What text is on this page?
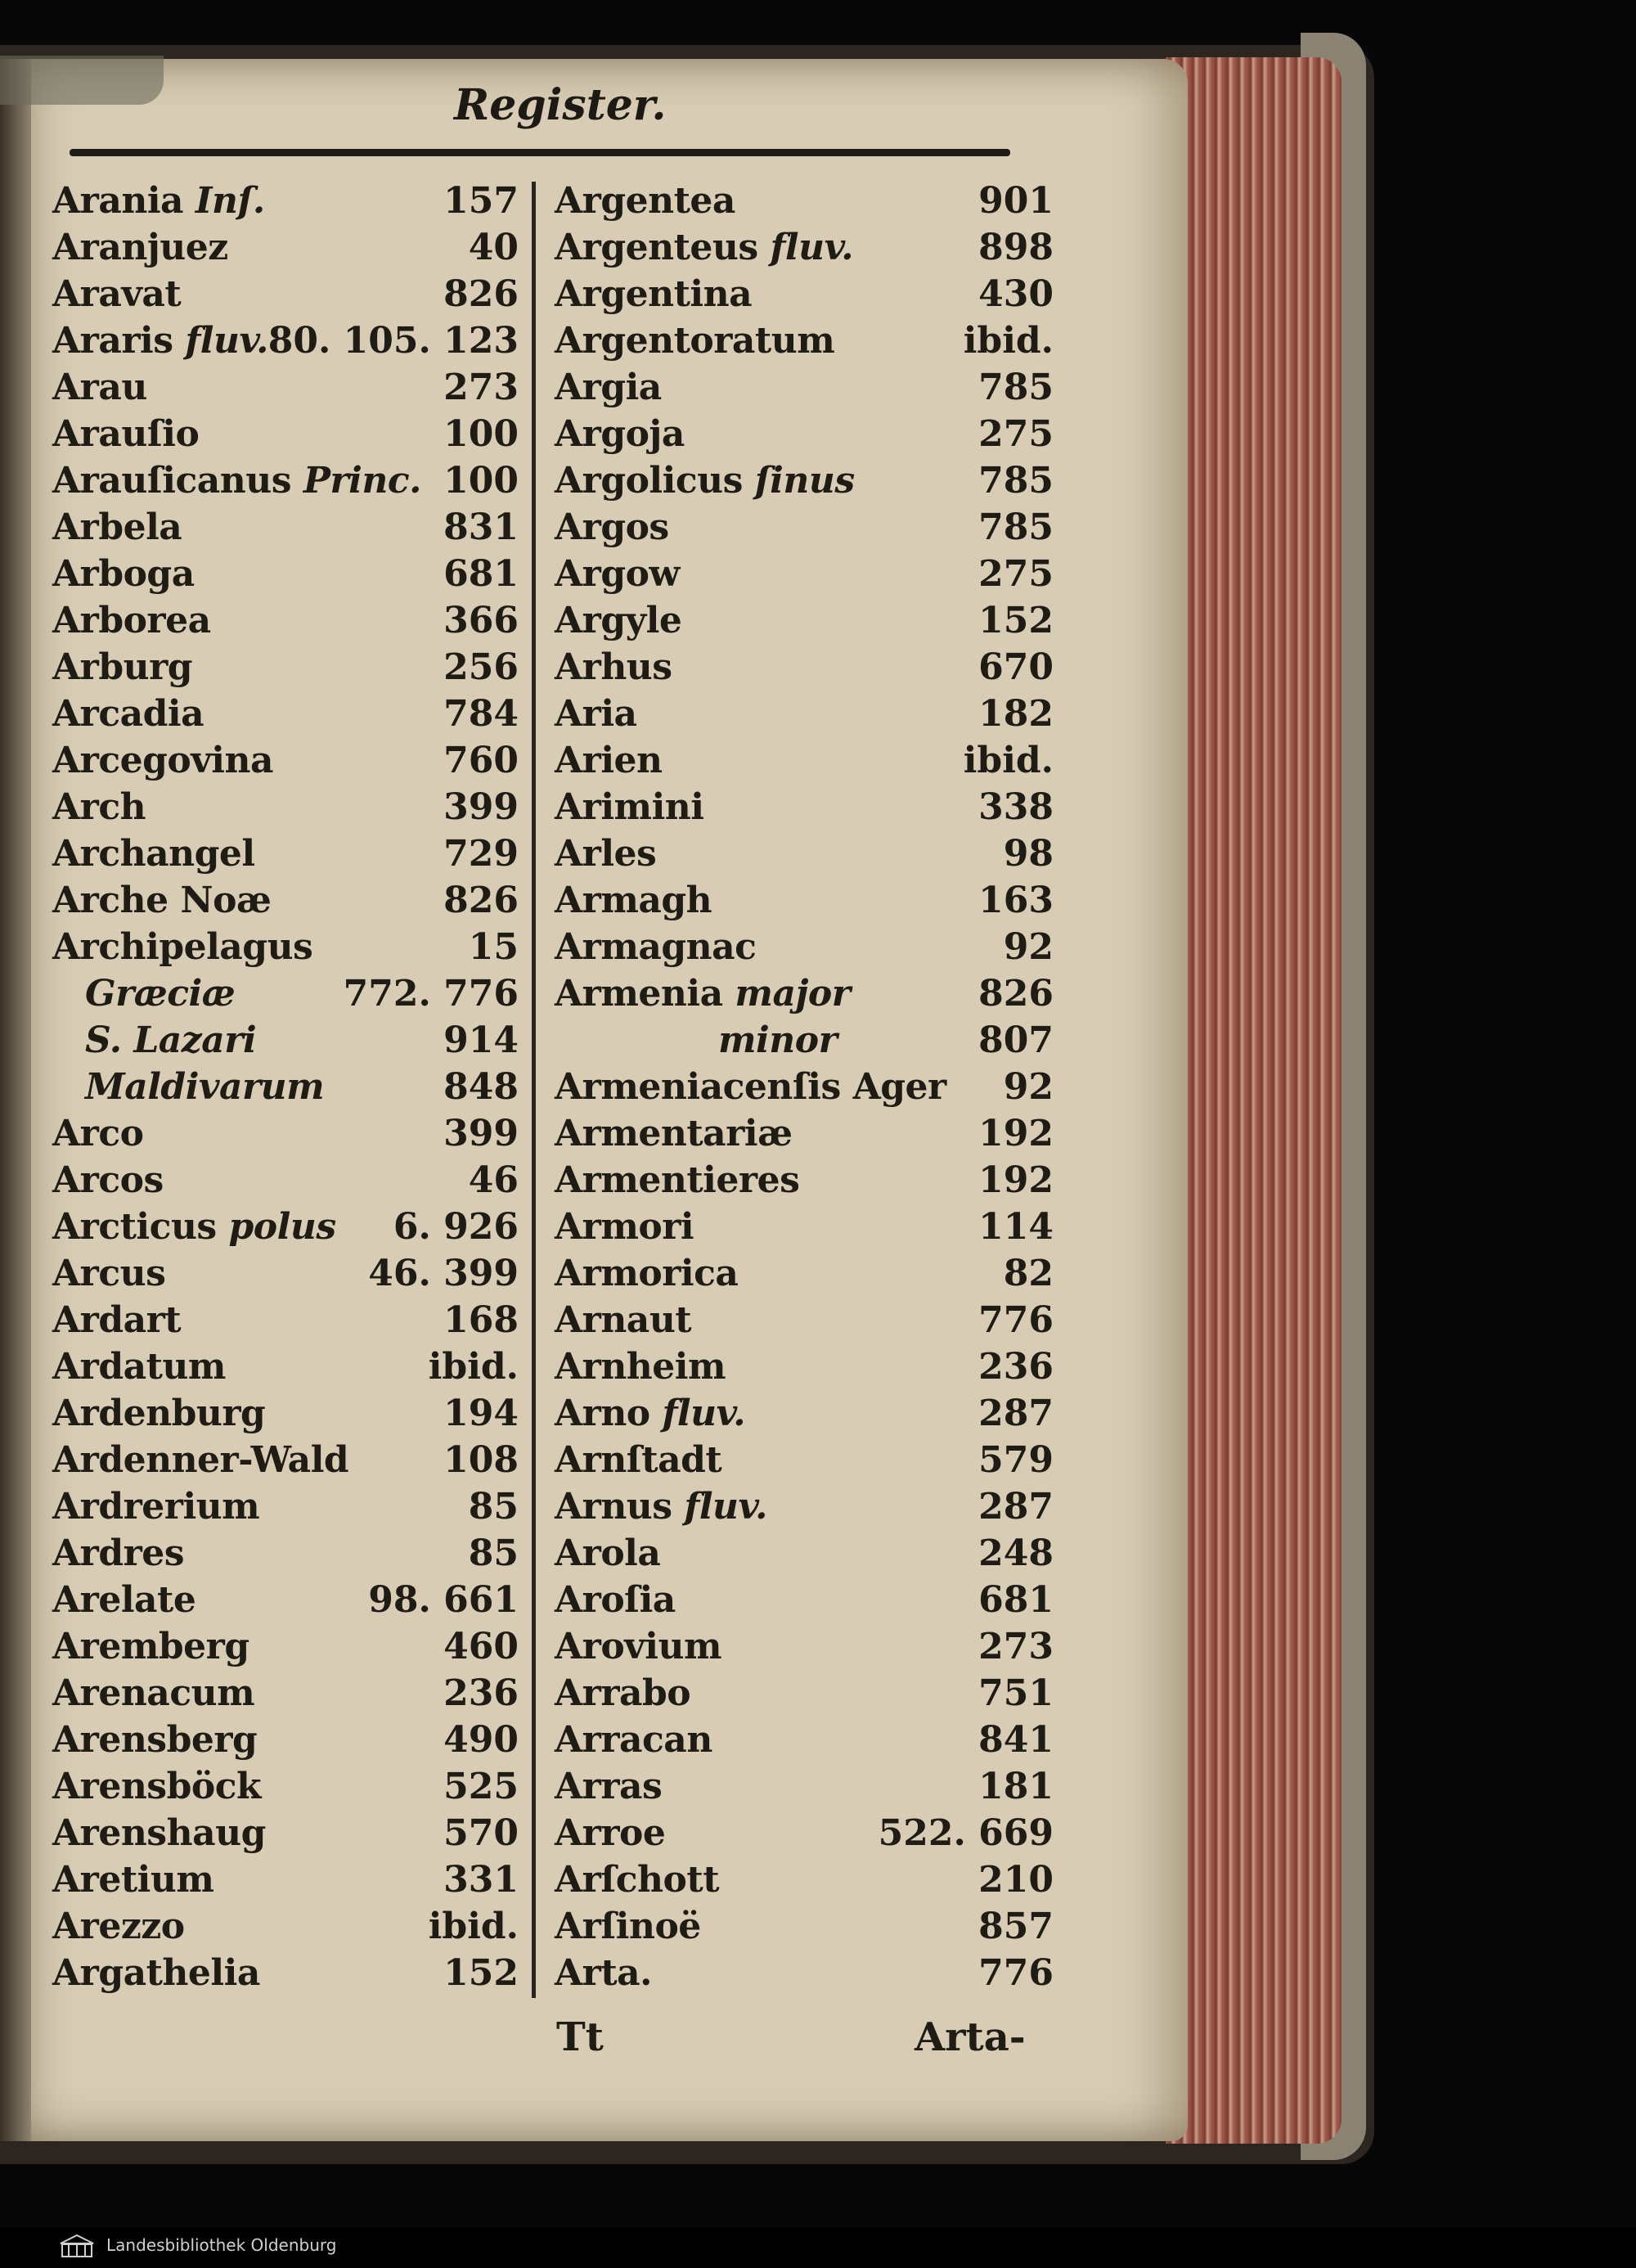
Register.
Arania Inſ.	157
Aranjuez	40
Aravat	826
Araris fluv. 80. 105. 123
Arau	273
Arauſio	100
Arauſicanus Princ. 100
Arbela	831
Arboga	681
Arborea	366
Arburg	256
Arcadia	784
Arcegovina	760
Arch	399
Archangel	729
Arche Noæ	826
Archipelagus	15
Græciæ	772. 776
S. Lazari	914
Maldivarum	848
Arco	399
Arcos	46
Arcticus polus 6. 926
Arcus	46. 399
Ardart	168
Ardatum	ibid.
Ardenburg	194
Ardenner-Wald	108
Ardrerium	85
Ardres	85
Arelate	98. 661
Aremberg	460
Arenacum	236
Arensberg	490
Arensböck	525
Arenshaug	570
Aretium	331
Arezzo	ibid.
Argathelia	152
Argentea	901
Argenteus fluv.	898
Argentina	430
Argentoratum	ibid.
Argia	785
Argoja	275
Argolicus ſinus	785
Argos	785
Argow	275
Argyle	152
Arhus	670
Aria	182
Arien	ibid.
Arimini	338
Arles	98
Armagh	163
Armagnac	92
Armenia major	826
minor	807
Armeniacenſis Ager 92
Armentariæ	192
Armentieres	192
Armori	114
Armorica	82
Arnaut	776
Arnheim	236
Arno fluv.	287
Arnſtadt	579
Arnus fluv.	287
Arola	248
Aroſia	681
Arovium	273
Arrabo	751
Arracan	841
Arras	181
Arroe	522. 669
Arſchott	210
Arſinoë	857
Arta.	776
Tt	Arta-
Landesbibliothek Oldenburg
